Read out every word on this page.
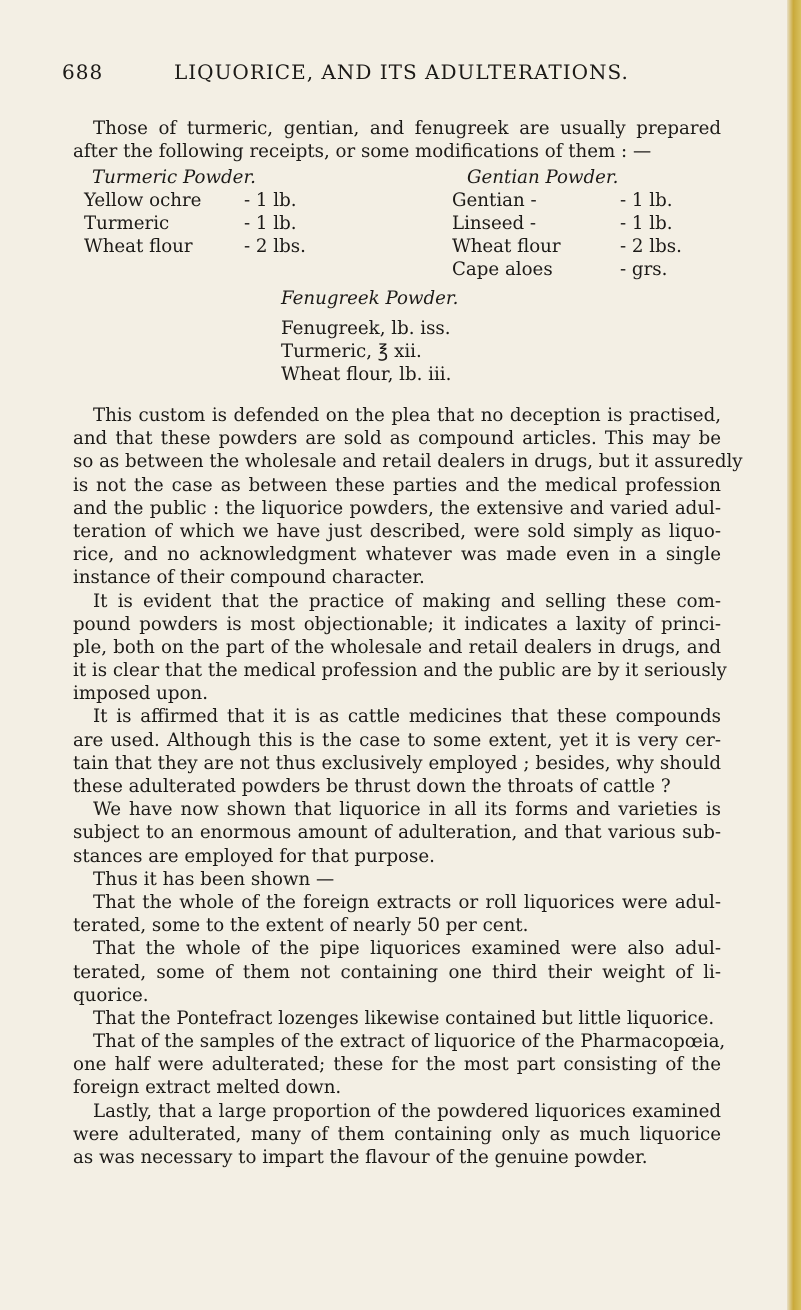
688	LIQUORICE, AND ITS ADULTERATIONS.
Those of turmeric, gentian, and fenugreek are usually prepared
after the following receipts, or some modifications of them : —
Turmeric Powder.
Yellow ochre - 1 lb.
Turmeric	- 1 lb.
Wheat flour	- 2 lbs.
Gentian Powder.
Gentian -	- 1 lb.
Linseed -	- 1 lb.
Wheat flour	- 2 lbs.
Cape aloes	- grs.
Fenugreek Powder.
Fenugreek, lb. iss.
Turmeric, ℥ xii.
Wheat flour, lb. iii.
This custom is defended on the plea that no deception is practised,
and that these powders are sold as compound articles. This may be
so as between the wholesale and retail dealers in drugs, but it assuredly
is not the case as between these parties and the medical profession
and the public : the liquorice powders, the extensive and varied adul-
teration of which we have just described, were sold simply as liquo-
rice, and no acknowledgment whatever was made even in a single
instance of their compound character.
It is evident that the practice of making and selling these com-
pound powders is most objectionable; it indicates a laxity of princi-
ple, both on the part of the wholesale and retail dealers in drugs, and
it is clear that the medical profession and the public are by it seriously
imposed upon.
It is affirmed that it is as cattle medicines that these compounds
are used. Although this is the case to some extent, yet it is very cer-
tain that they are not thus exclusively employed ; besides, why should
these adulterated powders be thrust down the throats of cattle ?
We have now shown that liquorice in all its forms and varieties is
subject to an enormous amount of adulteration, and that various sub-
stances are employed for that purpose.
Thus it has been shown —
That the whole of the foreign extracts or roll liquorices were adul-
terated, some to the extent of nearly 50 per cent.
That the whole of the pipe liquorices examined were also adul-
terated, some of them not containing one third their weight of li-
quorice.
That the Pontefract lozenges likewise contained but little liquorice.
That of the samples of the extract of liquorice of the Pharmacopœia,
one half were adulterated; these for the most part consisting of the
foreign extract melted down.
Lastly, that a large proportion of the powdered liquorices examined
were adulterated, many of them containing only as much liquorice
as was necessary to impart the flavour of the genuine powder.
